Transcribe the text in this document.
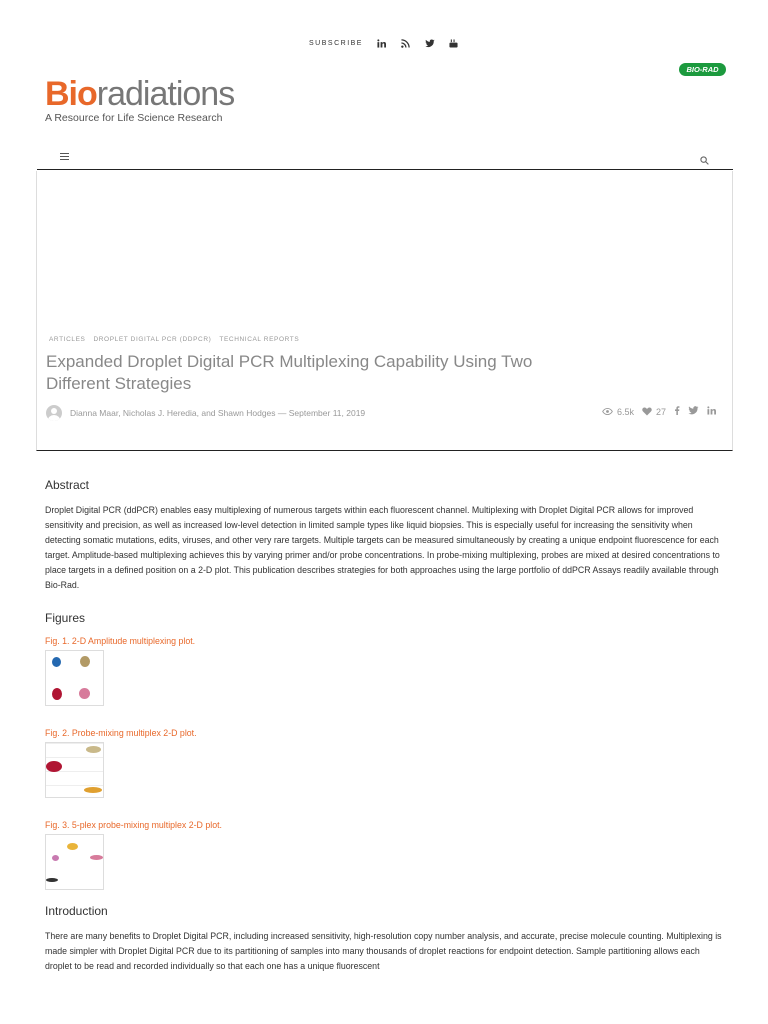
SUBSCRIBE
Bioradiations
A Resource for Life Science Research
BIO-RAD
ARTICLES DROPLET DIGITAL PCR (DDPCR) TECHNICAL REPORTS
Expanded Droplet Digital PCR Multiplexing Capability Using Two Different Strategies
Dianna Maar, Nicholas J. Heredia, and Shawn Hodges — September 11, 2019	6.5k 27
Abstract

Droplet Digital PCR (ddPCR) enables easy multiplexing of numerous targets within each fluorescent channel. Multiplexing with Droplet Digital PCR allows for improved sensitivity and precision, as well as increased low-level detection in limited sample types like liquid biopsies. This is especially useful for increasing the sensitivity when detecting somatic mutations, edits, viruses, and other very rare targets. Multiple targets can be measured simultaneously by creating a unique endpoint fluorescence for each target. Amplitude-based multiplexing achieves this by varying primer and/or probe concentrations. In probe-mixing multiplexing, probes are mixed at desired concentrations to place targets in a defined position on a 2-D plot. This publication describes strategies for both approaches using the large portfolio of ddPCR Assays readily available through Bio-Rad.

Figures
Fig. 1. 2-D Amplitude multiplexing plot.
Fig. 2. Probe-mixing multiplex 2-D plot.
Fig. 3. 5-plex probe-mixing multiplex 2-D plot.
Introduction

There are many benefits to Droplet Digital PCR, including increased sensitivity, high-resolution copy number analysis, and accurate, precise molecule counting. Multiplexing is made simpler with Droplet Digital PCR due to its partitioning of samples into many thousands of droplet reactions for endpoint detection. Sample partitioning allows each droplet to be read and recorded individually so that each one has a unique fluorescent
